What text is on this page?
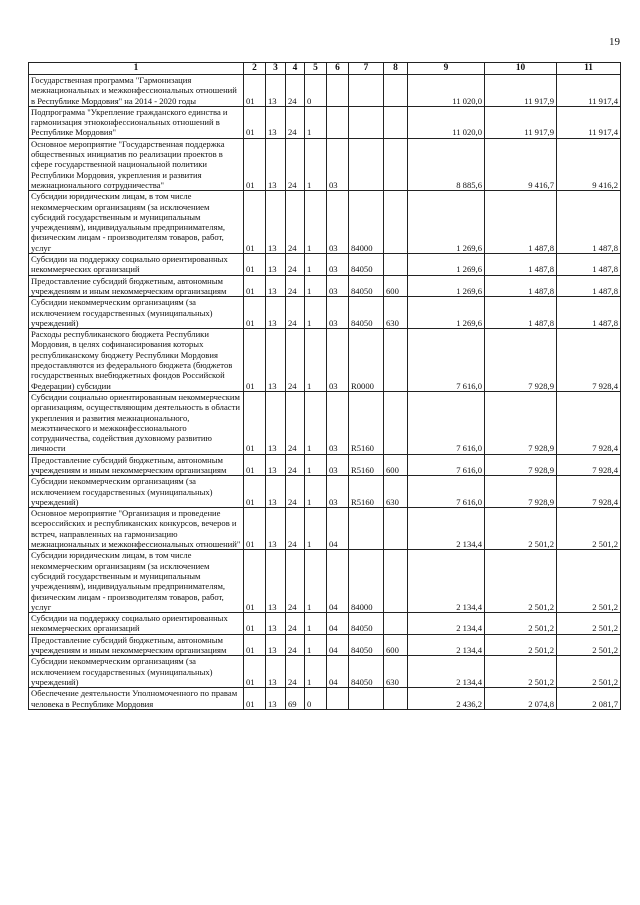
19
1	2	3	4	5	6	7	8	9	10	11
Государственная программа "Гармонизация межнациональных и межконфессиональных отношений в Республике Мордовия" на 2014 - 2020 годы	01	13	24	0				11 020,0	11 917,9	11 917,4
Подпрограмма "Укрепление гражданского единства и гармонизация этноконфессиональных отношений в Республике Мордовия"	01	13	24	1				11 020,0	11 917,9	11 917,4
Основное мероприятие "Государственная поддержка общественных инициатив по реализации проектов в сфере государственной национальной политики Республики Мордовия, укрепления и развития межнационального сотрудничества"	01	13	24	1	03			8 885,6	9 416,7	9 416,2
Субсидии юридическим лицам, в том числе некоммерческим организациям (за исключением субсидий государственным и муниципальным учреждениям), индивидуальным предпринимателям, физическим лицам - производителям товаров, работ, услуг	01	13	24	1	03	84000		1 269,6	1 487,8	1 487,8
Субсидии на поддержку социально ориентированных некоммерческих организаций	01	13	24	1	03	84050		1 269,6	1 487,8	1 487,8
Предоставление субсидий бюджетным, автономным учреждениям и иным некоммерческим организациям	01	13	24	1	03	84050	600	1 269,6	1 487,8	1 487,8
Субсидии некоммерческим организациям (за исключением государственных (муниципальных) учреждений)	01	13	24	1	03	84050	630	1 269,6	1 487,8	1 487,8
Расходы республиканского бюджета Республики Мордовия, в целях софинансирования которых республиканскому бюджету Республики Мордовия предоставляются из федерального бюджета (бюджетов государственных внебюджетных фондов Российской Федерации) субсидии	01	13	24	1	03	R0000		7 616,0	7 928,9	7 928,4
Субсидии социально ориентированным некоммерческим организациям, осуществляющим деятельность в области укрепления и развития межнационального, межэтнического и межконфессионального сотрудничества, содействия духовному развитию личности	01	13	24	1	03	R5160		7 616,0	7 928,9	7 928,4
Предоставление субсидий бюджетным, автономным учреждениям и иным некоммерческим организациям	01	13	24	1	03	R5160	600	7 616,0	7 928,9	7 928,4
Субсидии некоммерческим организациям (за исключением государственных (муниципальных) учреждений)	01	13	24	1	03	R5160	630	7 616,0	7 928,9	7 928,4
Основное мероприятие "Организация и проведение всероссийских и республиканских конкурсов, вечеров и встреч, направленных на гармонизацию межнациональных и межконфессиональных отношений"	01	13	24	1	04			2 134,4	2 501,2	2 501,2
Субсидии юридическим лицам, в том числе некоммерческим организациям (за исключением субсидий государственным и муниципальным учреждениям), индивидуальным предпринимателям, физическим лицам - производителям товаров, работ, услуг	01	13	24	1	04	84000		2 134,4	2 501,2	2 501,2
Субсидии на поддержку социально ориентированных некоммерческих организаций	01	13	24	1	04	84050		2 134,4	2 501,2	2 501,2
Предоставление субсидий бюджетным, автономным учреждениям и иным некоммерческим организациям	01	13	24	1	04	84050	600	2 134,4	2 501,2	2 501,2
Субсидии некоммерческим организациям (за исключением государственных (муниципальных) учреждений)	01	13	24	1	04	84050	630	2 134,4	2 501,2	2 501,2
Обеспечение деятельности Уполномоченного по правам человека в Республике Мордовия	01	13	69	0				2 436,2	2 074,8	2 081,7
